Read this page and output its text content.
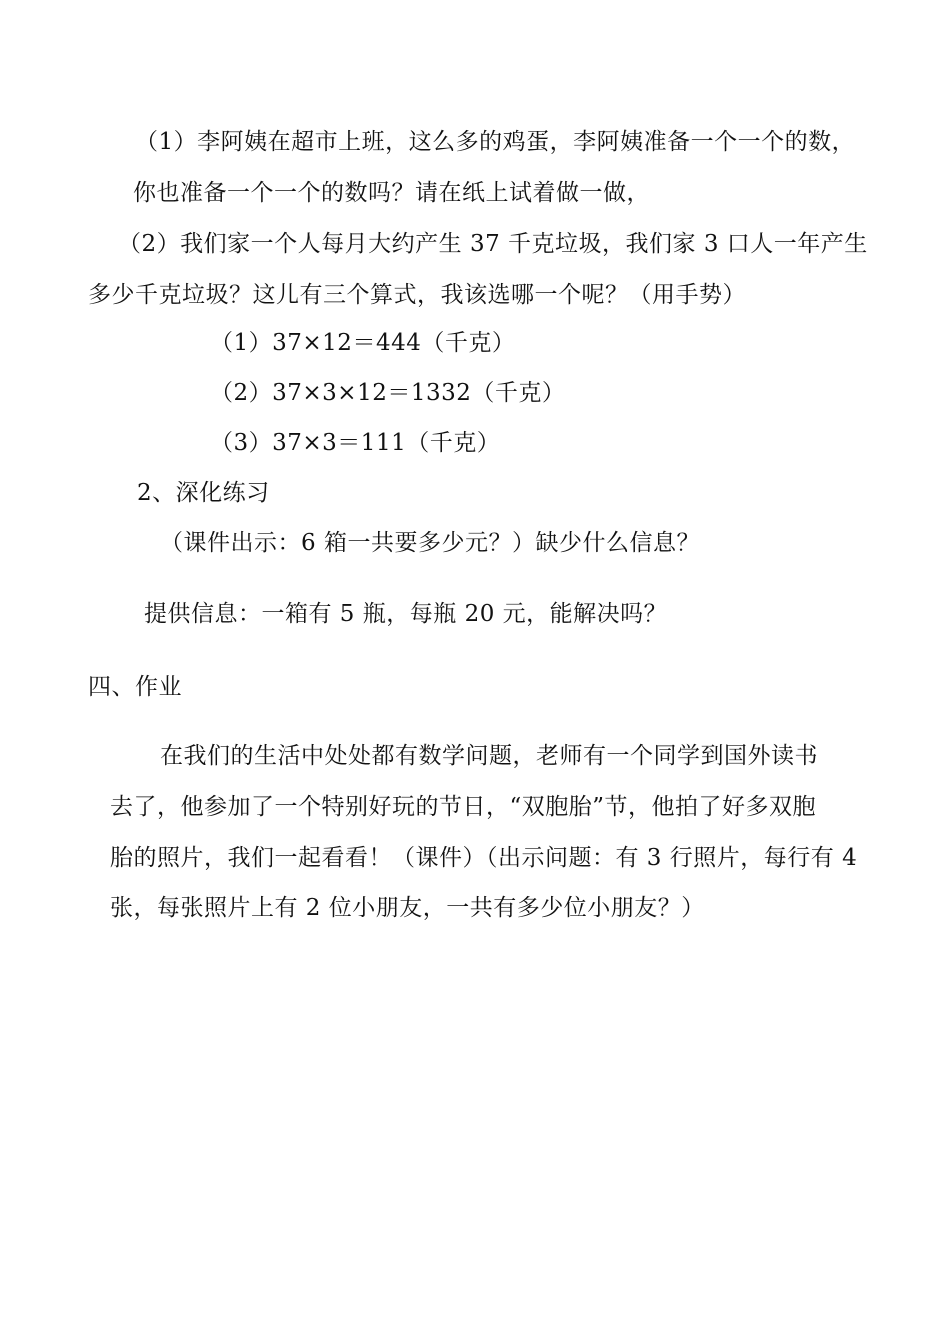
（1）李阿姨在超市上班，这么多的鸡蛋，李阿姨准备一个一个的数，

你也准备一个一个的数吗？请在纸上试着做一做，

（2）我们家一个人每月大约产生 37 千克垃圾，我们家 3 口人一年产生

多少千克垃圾？这儿有三个算式，我该选哪一个呢？（用手势）

（1）37×12＝444（千克）

（2）37×3×12＝1332（千克）

（3）37×3＝111（千克）

2、深化练习

（课件出示：6 箱一共要多少元？）缺少什么信息？

提供信息：一箱有 5 瓶，每瓶 20 元，能解决吗？

四、作业

在我们的生活中处处都有数学问题，老师有一个同学到国外读书

去了，他参加了一个特别好玩的节日，“双胞胎”节，他拍了好多双胞

胎的照片，我们一起看看！（课件）（出示问题：有 3 行照片，每行有 4

张，每张照片上有 2 位小朋友，一共有多少位小朋友？）
